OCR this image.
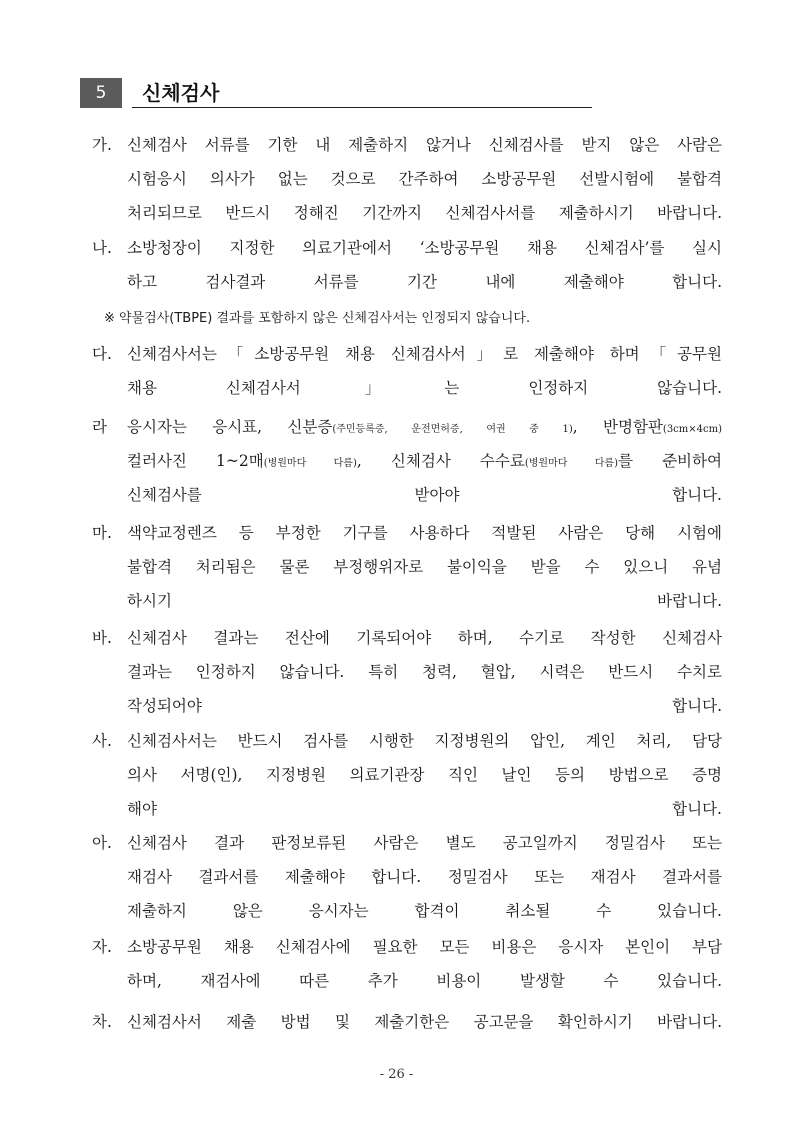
5	신체검사
가. 신체검사 서류를 기한 내 제출하지 않거나 신체검사를 받지 않은 사람은
시험응시 의사가 없는 것으로 간주하여 소방공무원 선발시험에 불합격
처리되므로 반드시 정해진 기간까지 신체검사서를 제출하시기 바랍니다.
나. 소방청장이 지정한 의료기관에서 ‘소방공무원 채용 신체검사’를 실시
하고 검사결과 서류를 기간 내에 제출해야 합니다.
※ 약물검사(TBPE) 결과를 포함하지 않은 신체검사서는 인정되지 않습니다.
다. 신체검사서는「소방공무원 채용 신체검사서」로 제출해야 하며「공무원
채용 신체검사서」는 인정하지 않습니다.
라	응시자는 응시표, 신분증(주민등록증, 운전면허증, 여권 중 1), 반명함판(3cm×4cm)
컬러사진 1~2매(병원마다 다름), 신체검사 수수료(병원마다 다름)를 준비하여
신체검사를 받아야 합니다.
마. 색약교정렌즈 등 부정한 기구를 사용하다 적발된 사람은 당해 시험에
불합격 처리됨은 물론 부정행위자로 불이익을 받을 수 있으니 유념
하시기 바랍니다.
바. 신체검사 결과는 전산에 기록되어야 하며, 수기로 작성한 신체검사
결과는 인정하지 않습니다. 특히 청력, 혈압, 시력은 반드시 수치로
작성되어야 합니다.
사. 신체검사서는 반드시 검사를 시행한 지정병원의 압인, 계인 처리, 담당
의사 서명(인), 지정병원 의료기관장 직인 날인 등의 방법으로 증명
해야 합니다.
아. 신체검사 결과 판정보류된 사람은 별도 공고일까지 정밀검사 또는
재검사 결과서를 제출해야 합니다. 정밀검사 또는 재검사 결과서를
제출하지 않은 응시자는 합격이 취소될 수 있습니다.
자. 소방공무원 채용 신체검사에 필요한 모든 비용은 응시자 본인이 부담
하며, 재검사에 따른 추가 비용이 발생할 수 있습니다.
차. 신체검사서 제출 방법 및 제출기한은 공고문을 확인하시기 바랍니다.
- 26 -
